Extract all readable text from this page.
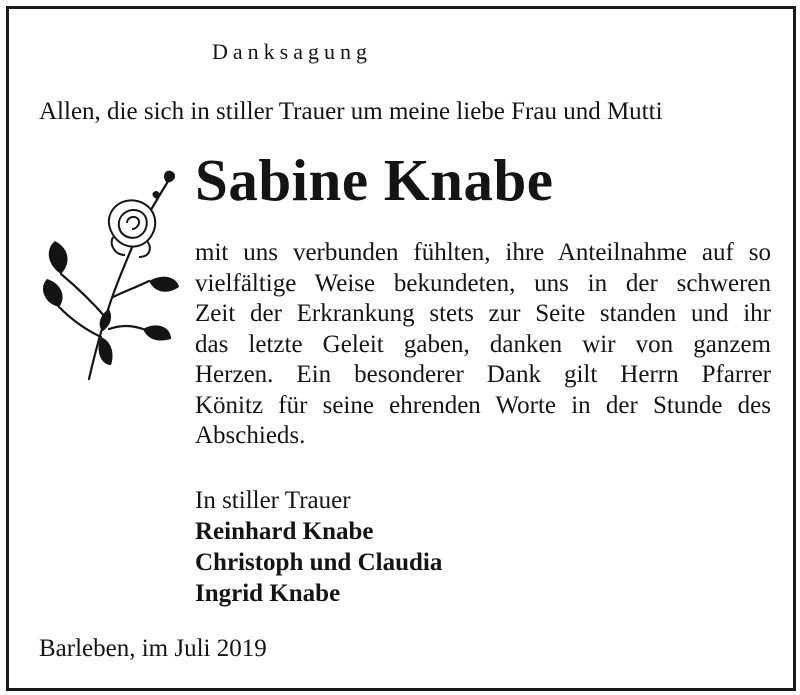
Danksagung
Allen, die sich in stiller Trauer um meine liebe Frau und Mutti
Sabine Knabe

mit uns verbunden fühlten, ihre Anteilnahme auf so
vielfältige Weise bekundeten, uns in der schweren
Zeit der Erkrankung stets zur Seite standen und ihr
das letzte Geleit gaben, danken wir von ganzem
Herzen. Ein besonderer Dank gilt Herrn Pfarrer
Könitz für seine ehrenden Worte in der Stunde des
Abschieds.

In stiller Trauer
Reinhard Knabe
Christoph und Claudia
Ingrid Knabe
Barleben, im Juli 2019
